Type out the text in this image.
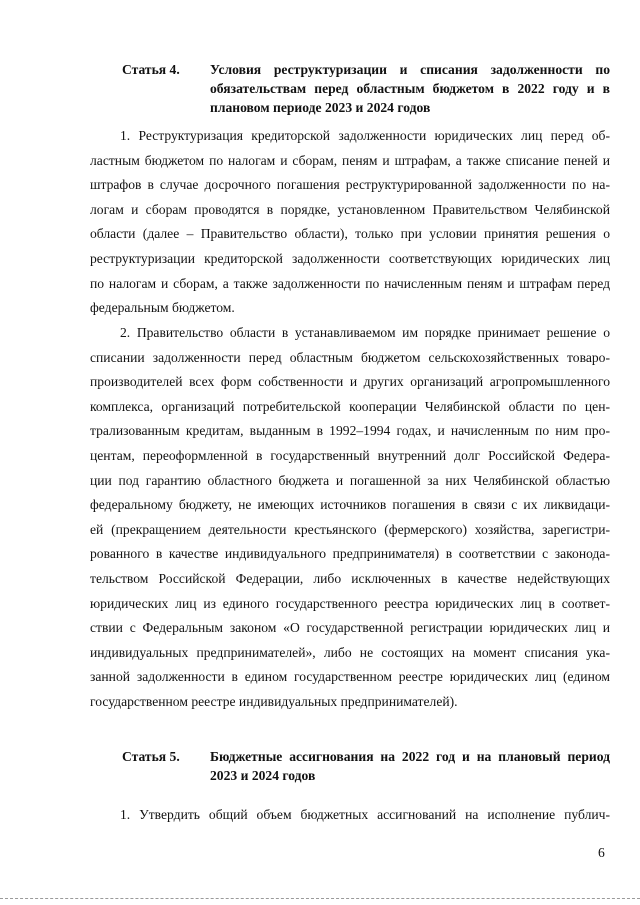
Статья 4.	Условия реструктуризации и списания задолженности по
обязательствам перед областным бюджетом в 2022 году и в
плановом периоде 2023 и 2024 годов
1. Реструктуризация кредиторской задолженности юридических лиц перед об-
ластным бюджетом по налогам и сборам, пеням и штрафам, а также списание пеней и
штрафов в случае досрочного погашения реструктурированной задолженности по на-
логам и сборам проводятся в порядке, установленном Правительством Челябинской
области (далее – Правительство области), только при условии принятия решения о
реструктуризации кредиторской задолженности соответствующих юридических лиц
по налогам и сборам, а также задолженности по начисленным пеням и штрафам перед
федеральным бюджетом.
2. Правительство области в устанавливаемом им порядке принимает решение о
списании задолженности перед областным бюджетом сельскохозяйственных товаро-
производителей всех форм собственности и других организаций агропромышленного
комплекса, организаций потребительской кооперации Челябинской области по цен-
трализованным кредитам, выданным в 1992–1994 годах, и начисленным по ним про-
центам, переоформленной в государственный внутренний долг Российской Федера-
ции под гарантию областного бюджета и погашенной за них Челябинской областью
федеральному бюджету, не имеющих источников погашения в связи с их ликвидаци-
ей (прекращением деятельности крестьянского (фермерского) хозяйства, зарегистри-
рованного в качестве индивидуального предпринимателя) в соответствии с законода-
тельством Российской Федерации, либо исключенных в качестве недействующих
юридических лиц из единого государственного реестра юридических лиц в соответ-
ствии с Федеральным законом «О государственной регистрации юридических лиц и
индивидуальных предпринимателей», либо не состоящих на момент списания ука-
занной задолженности в едином государственном реестре юридических лиц (едином
государственном реестре индивидуальных предпринимателей).
Статья 5.	Бюджетные ассигнования на 2022 год и на плановый период
2023 и 2024 годов
1. Утвердить общий объем бюджетных ассигнований на исполнение публич-
6
